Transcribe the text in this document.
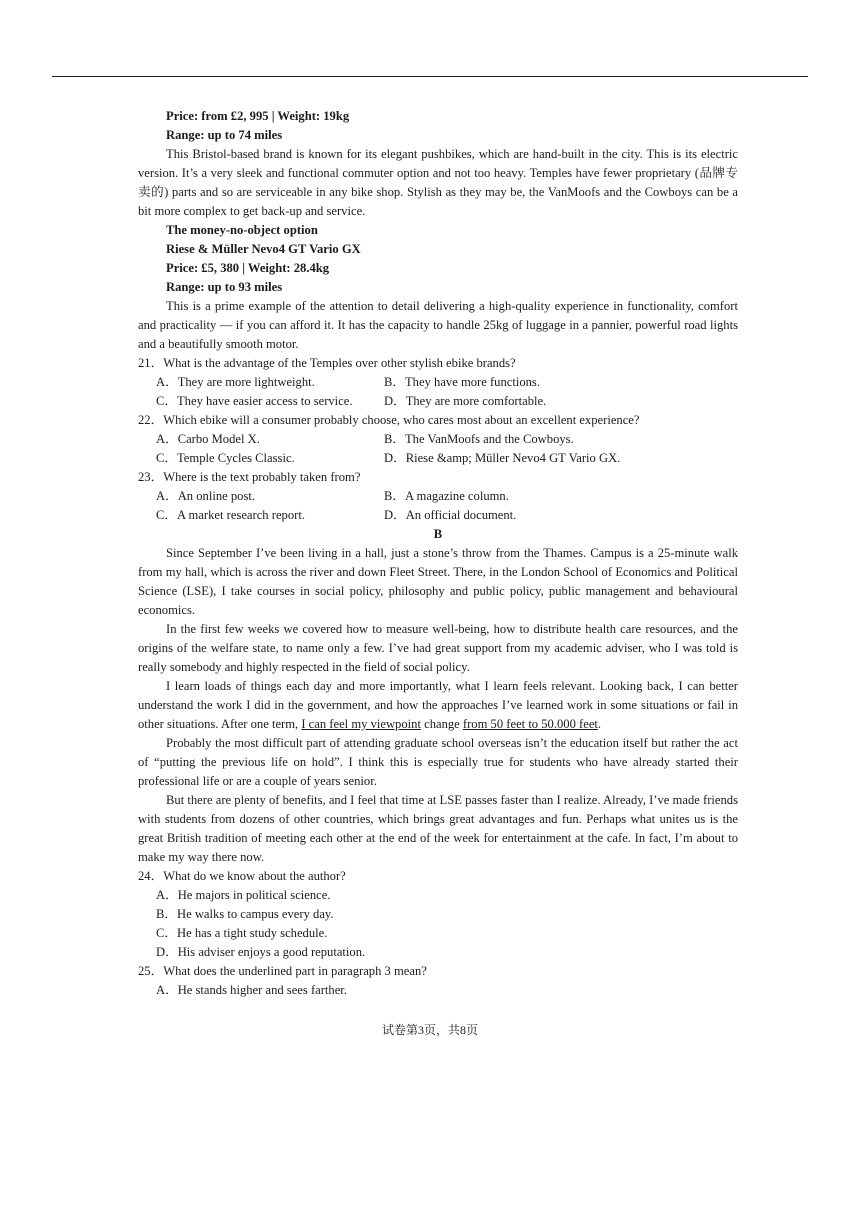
Price: from £2, 995 | Weight: 19kg
Range: up to 74 miles
This Bristol-based brand is known for its elegant pushbikes, which are hand-built in the city. This is its electric version. It’s a very sleek and functional commuter option and not too heavy. Temples have fewer proprietary (品牌专卖的) parts and so are serviceable in any bike shop. Stylish as they may be, the VanMoofs and the Cowboys can be a bit more complex to get back-up and service.
The money-no-object option
Riese & Müller Nevo4 GT Vario GX
Price: £5, 380 | Weight: 28.4kg
Range: up to 93 miles
This is a prime example of the attention to detail delivering a high-quality experience in functionality, comfort and practicality — if you can afford it. It has the capacity to handle 25kg of luggage in a pannier, powerful road lights and a beautifully smooth motor.
21．What is the advantage of the Temples over other stylish ebike brands?
A．They are more lightweight.	B．They have more functions.
C．They have easier access to service.	D．They are more comfortable.
22．Which ebike will a consumer probably choose, who cares most about an excellent experience?
A．Carbo Model X.	B．The VanMoofs and the Cowboys.
C．Temple Cycles Classic.	D．Riese &amp; Müller Nevo4 GT Vario GX.
23．Where is the text probably taken from?
A．An online post.	B．A magazine column.
C．A market research report.	D．An official document.
B
Since September I’ve been living in a hall, just a stone’s throw from the Thames. Campus is a 25-minute walk from my hall, which is across the river and down Fleet Street. There, in the London School of Economics and Political Science (LSE), I take courses in social policy, philosophy and public policy, public management and behavioural economics.
In the first few weeks we covered how to measure well-being, how to distribute health care resources, and the origins of the welfare state, to name only a few. I’ve had great support from my academic adviser, who I was told is really somebody and highly respected in the field of social policy.
I learn loads of things each day and more importantly, what I learn feels relevant. Looking back, I can better understand the work I did in the government, and how the approaches I’ve learned work in some situations or fail in other situations. After one term, I can feel my viewpoint change from 50 feet to 50.000 feet.
Probably the most difficult part of attending graduate school overseas isn’t the education itself but rather the act of “putting the previous life on hold”. I think this is especially true for students who have already started their professional life or are a couple of years senior.
But there are plenty of benefits, and I feel that time at LSE passes faster than I realize. Already, I’ve made friends with students from dozens of other countries, which brings great advantages and fun. Perhaps what unites us is the great British tradition of meeting each other at the end of the week for entertainment at the cafe. In fact, I’m about to make my way there now.
24．What do we know about the author?
A．He majors in political science.
B．He walks to campus every day.
C．He has a tight study schedule.
D．His adviser enjoys a good reputation.
25．What does the underlined part in paragraph 3 mean?
A．He stands higher and sees farther.
试卷第3页，共8页
